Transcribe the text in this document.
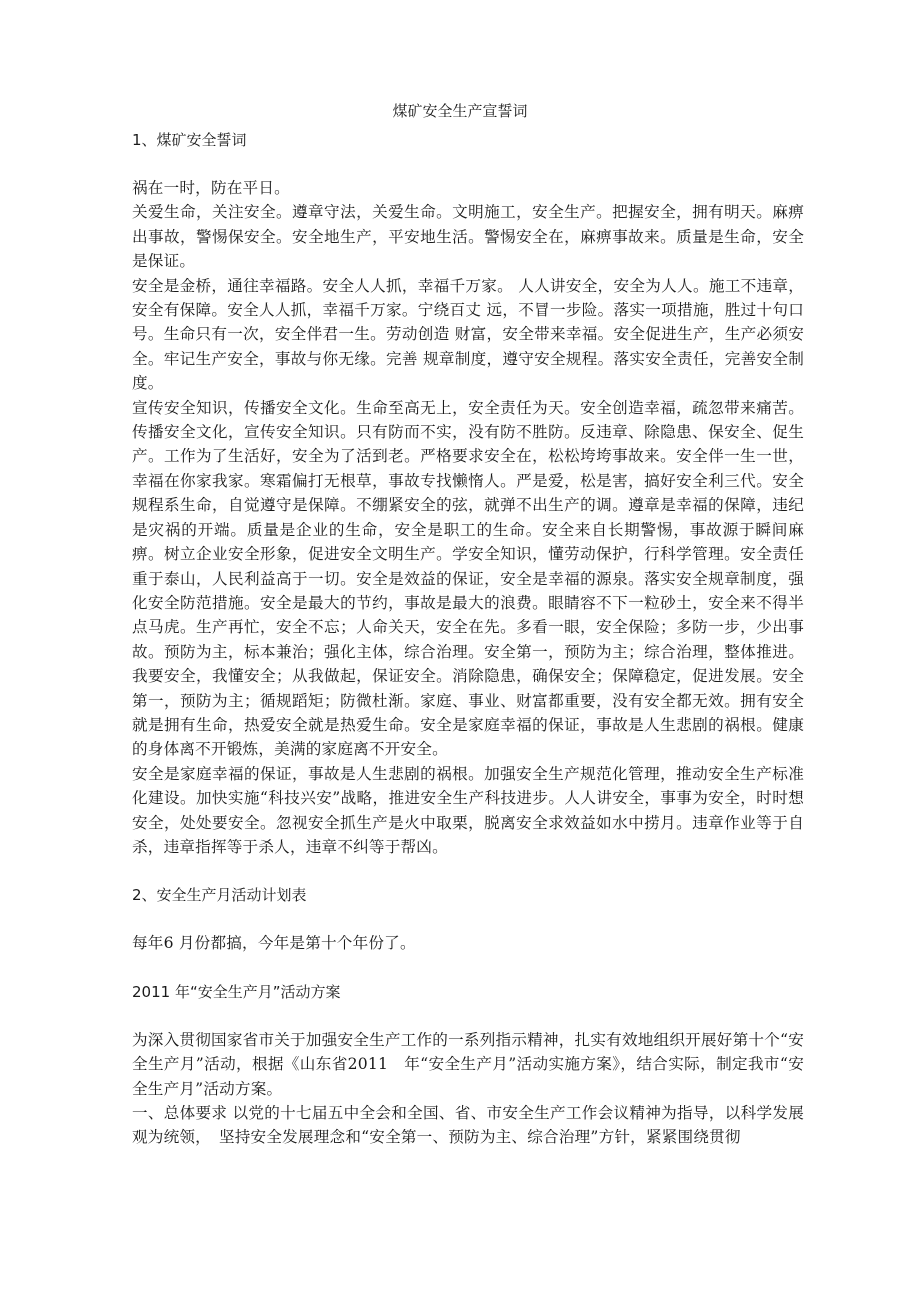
煤矿安全生产宣誓词
1、煤矿安全誓词

祸在一时，防在平日。

关爱生命，关注安全。遵章守法，关爱生命。文明施工，安全生产。把握安全，拥有明天。麻痹出事故，警惕保安全。安全地生产，平安地生活。警惕安全在，麻痹事故来。质量是生命，安全是保证。

安全是金桥，通往幸福路。安全人人抓，幸福千万家。 人人讲安全，安全为人人。施工不违章，安全有保障。安全人人抓，幸福千万家。宁绕百丈 远，不冒一步险。落实一项措施，胜过十句口号。生命只有一次，安全伴君一生。劳动创造 财富，安全带来幸福。安全促进生产，生产必须安全。牢记生产安全，事故与你无缘。完善 规章制度，遵守安全规程。落实安全责任，完善安全制度。

宣传安全知识，传播安全文化。生命至高无上，安全责任为天。安全创造幸福，疏忽带来痛苦。传播安全文化，宣传安全知识。只有防而不实，没有防不胜防。反违章、除隐患、保安全、促生产。工作为了生活好，安全为了活到老。严格要求安全在，松松垮垮事故来。安全伴一生一世，幸福在你家我家。寒霜偏打无根草，事故专找懒惰人。严是爱，松是害，搞好安全利三代。安全规程系生命，自觉遵守是保障。不绷紧安全的弦，就弹不出生产的调。遵章是幸福的保障，违纪是灾祸的开端。质量是企业的生命，安全是职工的生命。安全来自长期警惕，事故源于瞬间麻痹。树立企业安全形象，促进安全文明生产。学安全知识，懂劳动保护，行科学管理。安全责任重于泰山，人民利益高于一切。安全是效益的保证，安全是幸福的源泉。落实安全规章制度，强化安全防范措施。安全是最大的节约，事故是最大的浪费。眼睛容不下一粒砂土，安全来不得半点马虎。生产再忙，安全不忘；人命关天，安全在先。多看一眼，安全保险；多防一步，少出事故。预防为主，标本兼治；强化主体，综合治理。安全第一，预防为主；综合治理，整体推进。我要安全，我懂安全；从我做起，保证安全。消除隐患，确保安全；保障稳定，促进发展。安全第一，预防为主；循规蹈矩；防微杜渐。家庭、事业、财富都重要，没有安全都无效。拥有安全就是拥有生命，热爱安全就是热爱生命。安全是家庭幸福的保证，事故是人生悲剧的祸根。健康的身体离不开锻炼，美满的家庭离不开安全。

安全是家庭幸福的保证，事故是人生悲剧的祸根。加强安全生产规范化管理，推动安全生产标准化建设。加快实施“科技兴安”战略，推进安全生产科技进步。人人讲安全，事事为安全，时时想安全，处处要安全。忽视安全抓生产是火中取栗，脱离安全求效益如水中捞月。违章作业等于自杀，违章指挥等于杀人，违章不纠等于帮凶。

2、安全生产月活动计划表

每年6 月份都搞，今年是第十个年份了。

2011 年“安全生产月”活动方案

为深入贯彻国家省市关于加强安全生产工作的一系列指示精神，扎实有效地组织开展好第十个“安全生产月”活动，根据《山东省2011　年“安全生产月”活动实施方案》，结合实际，制定我市“安全生产月”活动方案。

一、总体要求 以党的十七届五中全会和全国、省、市安全生产工作会议精神为指导，以科学发展观为统领，　坚持安全发展理念和“安全第一、预防为主、综合治理”方针，紧紧围绕贯彻
